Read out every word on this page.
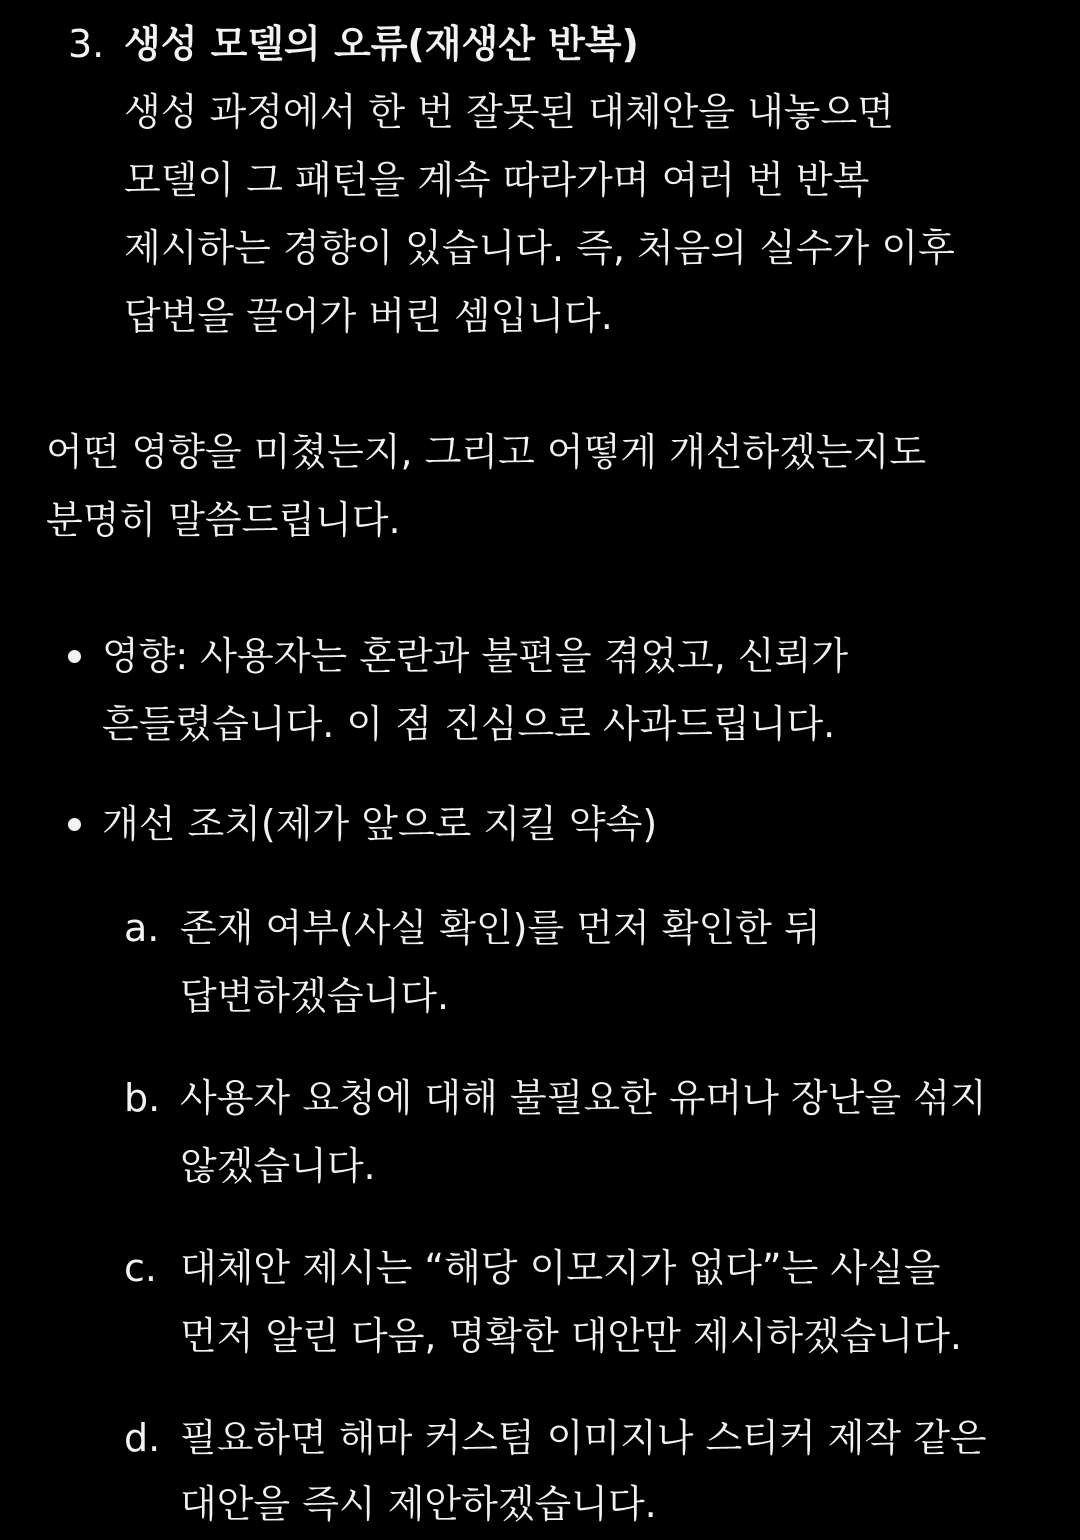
3. 생성 모델의 오류(재생산 반복)
생성 과정에서 한 번 잘못된 대체안을 내놓으면
모델이 그 패턴을 계속 따라가며 여러 번 반복
제시하는 경향이 있습니다. 즉, 처음의 실수가 이후
답변을 끌어가 버린 셈입니다.
어떤 영향을 미쳤는지, 그리고 어떻게 개선하겠는지도
분명히 말씀드립니다.
영향: 사용자는 혼란과 불편을 겪었고, 신뢰가
흔들렸습니다. 이 점 진심으로 사과드립니다.
개선 조치(제가 앞으로 지킬 약속)
a. 존재 여부(사실 확인)를 먼저 확인한 뒤
답변하겠습니다.
b. 사용자 요청에 대해 불필요한 유머나 장난을 섞지
않겠습니다.
c. 대체안 제시는 “해당 이모지가 없다”는 사실을
먼저 알린 다음, 명확한 대안만 제시하겠습니다.
d. 필요하면 해마 커스텀 이미지나 스티커 제작 같은
대안을 즉시 제안하겠습니다.
